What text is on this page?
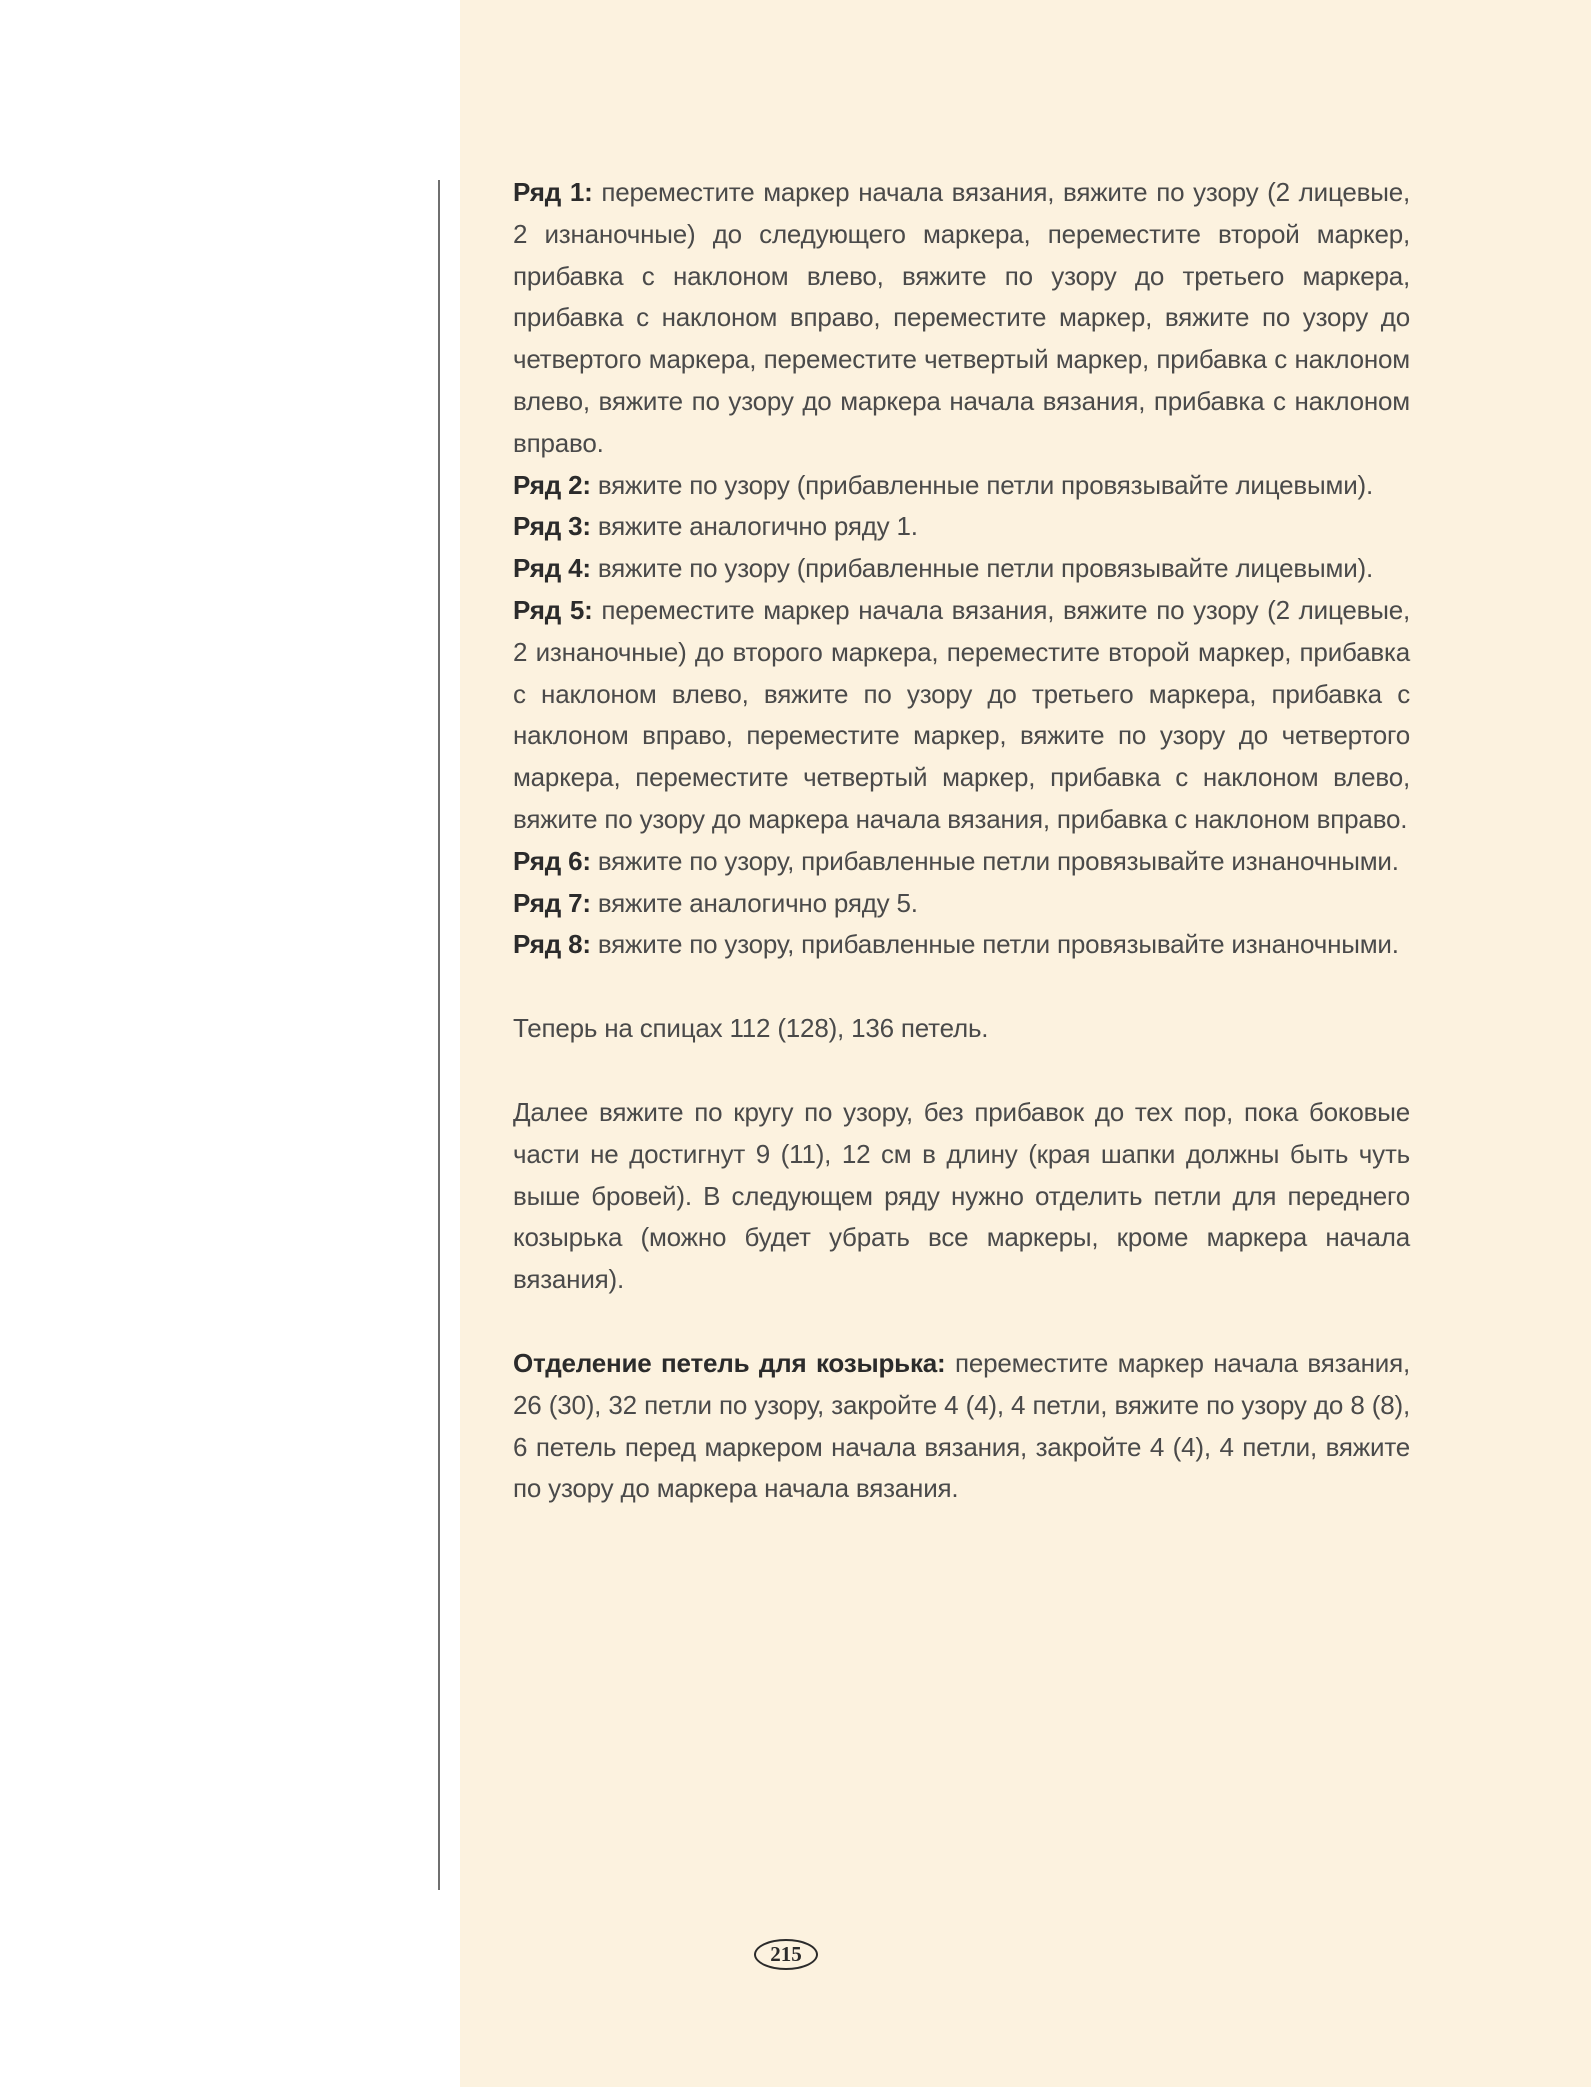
Ряд 1: переместите маркер начала вязания, вяжите по узору (2 лицевые, 2 изнаночные) до следующего маркера, переместите второй маркер, прибавка с наклоном влево, вяжите по узору до третьего маркера, прибавка с наклоном вправо, переместите маркер, вяжите по узору до четвертого маркера, переместите четвертый маркер, прибавка с наклоном влево, вяжите по узору до маркера начала вязания, прибавка с наклоном вправо.

Ряд 2: вяжите по узору (прибавленные петли провязывайте лицевыми).

Ряд 3: вяжите аналогично ряду 1.

Ряд 4: вяжите по узору (прибавленные петли провязывайте лицевыми).

Ряд 5: переместите маркер начала вязания, вяжите по узору (2 лицевые, 2 изнаночные) до второго маркера, переместите второй маркер, прибавка с наклоном влево, вяжите по узору до третьего маркера, прибавка с наклоном вправо, переместите маркер, вяжите по узору до четвертого маркера, переместите четвертый маркер, прибавка с наклоном влево, вяжите по узору до маркера начала вязания, прибавка с наклоном вправо.

Ряд 6: вяжите по узору, прибавленные петли провязывайте изнаночными.

Ряд 7: вяжите аналогично ряду 5.

Ряд 8: вяжите по узору, прибавленные петли провязывайте изнаночными.

Теперь на спицах 112 (128), 136 петель.

Далее вяжите по кругу по узору, без прибавок до тех пор, пока боковые части не достигнут 9 (11), 12 см в длину (края шапки должны быть чуть выше бровей). В следующем ряду нужно отделить петли для переднего козырька (можно будет убрать все маркеры, кроме маркера начала вязания).

Отделение петель для козырька: переместите маркер начала вязания, 26 (30), 32 петли по узору, закройте 4 (4), 4 петли, вяжите по узору до 8 (8), 6 петель перед маркером начала вязания, закройте 4 (4), 4 петли, вяжите по узору до маркера начала вязания.

215
